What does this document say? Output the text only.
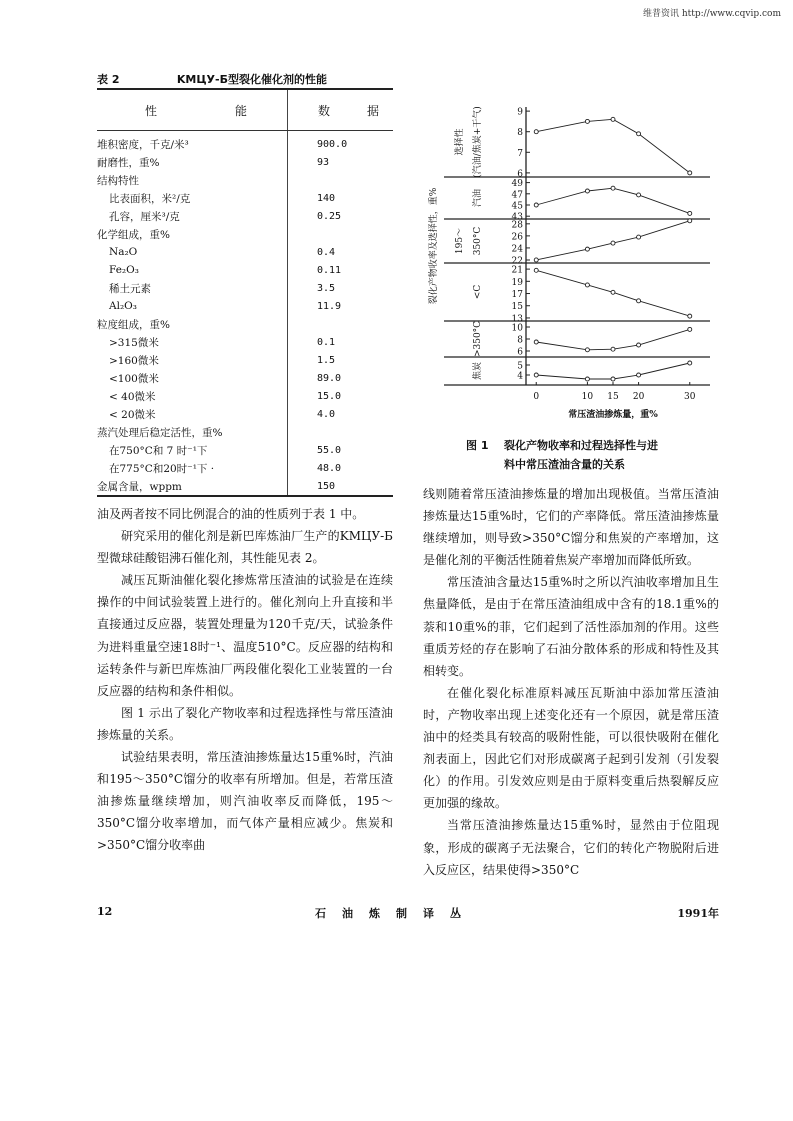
维普资讯 http://www.cqvip.com
表 2	KMЦУ-Б型裂化催化剂的性能
性	能	数	据
堆积密度，千克/米³	900.0
耐磨性，重%	93
结构特性
比表面积，米²/克	140
孔容，厘米³/克	0.25
化学组成，重%
Na₂O	0.4
Fe₂O₃	0.11
稀土元素	3.5
Al₂O₃	11.9
粒度组成，重%
>315微米	0.1
>160微米	1.5
<100微米	89.0
< 40微米	15.0
< 20微米	4.0
蒸汽处理后稳定活性，重%
在750°C和 7 时⁻¹下	55.0
在775°C和20时⁻¹下 ·	48.0
金属含量，wppm	150
6
7
8
9
选择性 (汽油/焦炭+干气)
43
45
47
49
汽油
22
24
26
28
195～ 350°C
13
15
17
19
21
<C
6
8
10
>350°C
4
5
焦炭
0	10 15 20	30
常压渣油掺炼量，重%
裂化产物收率及选择性，重%
图 1 裂化产物收率和过程选择性与进
料中常压渣油含量的关系

油及两者按不同比例混合的油的性质列于表 1 中。

研究采用的催化剂是新巴库炼油厂生产的KMЦУ-Б型微球硅酸铝沸石催化剂，其性能见表 2。

减压瓦斯油催化裂化掺炼常压渣油的试验是在连续操作的中间试验装置上进行的。催化剂向上升直接和半直接通过反应器，装置处理量为120千克/天，试验条件为进料重量空速18时⁻¹、温度510°C。反应器的结构和运转条件与新巴库炼油厂两段催化裂化工业装置的一台反应器的结构和条件相似。

图 1 示出了裂化产物收率和过程选择性与常压渣油掺炼量的关系。

试验结果表明，常压渣油掺炼量达15重%时，汽油和195～350°C馏分的收率有所增加。但是，若常压渣油掺炼量继续增加，则汽油收率反而降低，195～350°C馏分收率增加，而气体产量相应减少。焦炭和>350°C馏分收率曲

线则随着常压渣油掺炼量的增加出现极值。当常压渣油掺炼量达15重%时，它们的产率降低。常压渣油掺炼量继续增加，则导致>350°C馏分和焦炭的产率增加，这是催化剂的平衡活性随着焦炭产率增加而降低所致。

常压渣油含量达15重%时之所以汽油收率增加且生焦量降低，是由于在常压渣油组成中含有的18.1重%的萘和10重%的菲，它们起到了活性添加剂的作用。这些重质芳烃的存在影响了石油分散体系的形成和特性及其相转变。

在催化裂化标准原料减压瓦斯油中添加常压渣油时，产物收率出现上述变化还有一个原因，就是常压渣油中的烃类具有较高的吸附性能，可以很快吸附在催化剂表面上，因此它们对形成碳离子起到引发剂（引发裂化）的作用。引发效应则是由于原料变重后热裂解反应更加强的缘故。

当常压渣油掺炼量达15重%时，显然由于位阻现象，形成的碳离子无法聚合，它们的转化产物脱附后进入反应区，结果使得>350°C

12	石油炼制译丛	1991年
